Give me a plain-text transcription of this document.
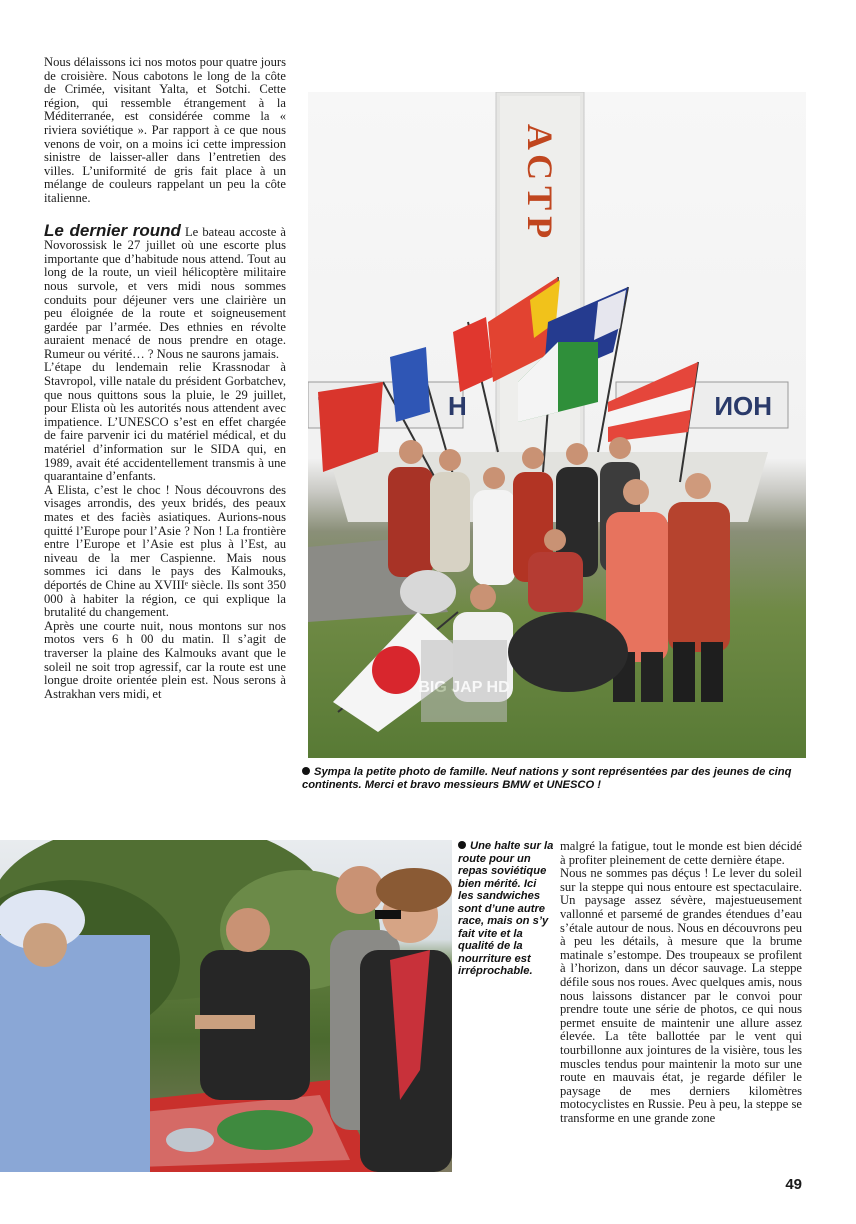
Nous délaissons ici nos motos pour quatre jours de croisière. Nous cabotons le long de la côte de Crimée, visitant Yalta, et Sotchi. Cette région, qui ressemble étrangement à la Méditerranée, est considérée comme la « riviera soviétique ». Par rapport à ce que nous venons de voir, on a moins ici cette impression sinistre de laisser-aller dans l’entretien des villes. L’uniformité de gris fait place à un mélange de couleurs rappelant un peu la côte italienne.

Le dernier round Le bateau accoste à Novorossisk le 27 juillet où une escorte plus importante que d’habitude nous attend. Tout au long de la route, un vieil hélicoptère militaire nous survole, et vers midi nous sommes conduits pour déjeuner vers une clairière un peu éloignée de la route et soigneusement gardée par l’armée. Des ethnies en révolte auraient menacé de nous prendre en otage. Rumeur ou vérité… ? Nous ne saurons jamais.

L’étape du lendemain relie Krassnodar à Stavropol, ville natale du président Gorbatchev, que nous quittons sous la pluie, le 29 juillet, pour Elista où les autorités nous attendent avec impatience. L’UNESCO s’est en effet chargée de faire parvenir ici du matériel médical, et du matériel d’information sur le SIDA qui, en 1989, avait été accidentellement transmis à une quarantaine d’enfants.

A Elista, c’est le choc ! Nous découvrons des visages arrondis, des yeux bridés, des peaux mates et des faciès asiatiques. Aurions-nous quitté l’Europe pour l’Asie ? Non ! La frontière entre l’Europe et l’Asie est plus à l’Est, au niveau de la mer Caspienne. Mais nous sommes ici dans le pays des Kalmouks, déportés de Chine au XVIIIᵉ siècle. Ils sont 350 000 à habiter la région, ce qui explique la brutalité du changement.

Après une courte nuit, nous montons sur nos motos vers 6 h 00 du matin. Il s’agit de traverser la plaine des Kalmouks avant que le soleil ne soit trop agressif, car la route est une longue droite orientée plein est. Nous serons à Astrakhan vers midi, et

АСТР
Н	ИОН
BIG JAP HD
Sympa la petite photo de famille. Neuf nations y sont représentées par des jeunes de cinq continents. Merci et bravo messieurs BMW et UNESCO !
Une halte sur la route pour un repas soviétique bien mérité. Ici les sandwiches sont d’une autre race, mais on s’y fait vite et la qualité de la nourriture est irréprochable.

malgré la fatigue, tout le monde est bien décidé à profiter pleinement de cette dernière étape.

Nous ne sommes pas déçus ! Le lever du soleil sur la steppe qui nous entoure est spectaculaire. Un paysage assez sévère, majestueusement vallonné et parsemé de grandes étendues d’eau s’étale autour de nous. Nous en découvrons peu à peu les détails, à mesure que la brume matinale s’estompe. Des troupeaux se profilent à l’horizon, dans un décor sauvage. La steppe défile sous nos roues. Avec quelques amis, nous nous laissons distancer par le convoi pour prendre toute une série de photos, ce qui nous permet ensuite de maintenir une allure assez élevée. La tête ballottée par le vent qui tourbillonne aux jointures de la visière, tous les muscles tendus pour maintenir la moto sur une route en mauvais état, je regarde défiler le paysage de mes derniers kilomètres motocyclistes en Russie. Peu à peu, la steppe se transforme en une grande zone

49
